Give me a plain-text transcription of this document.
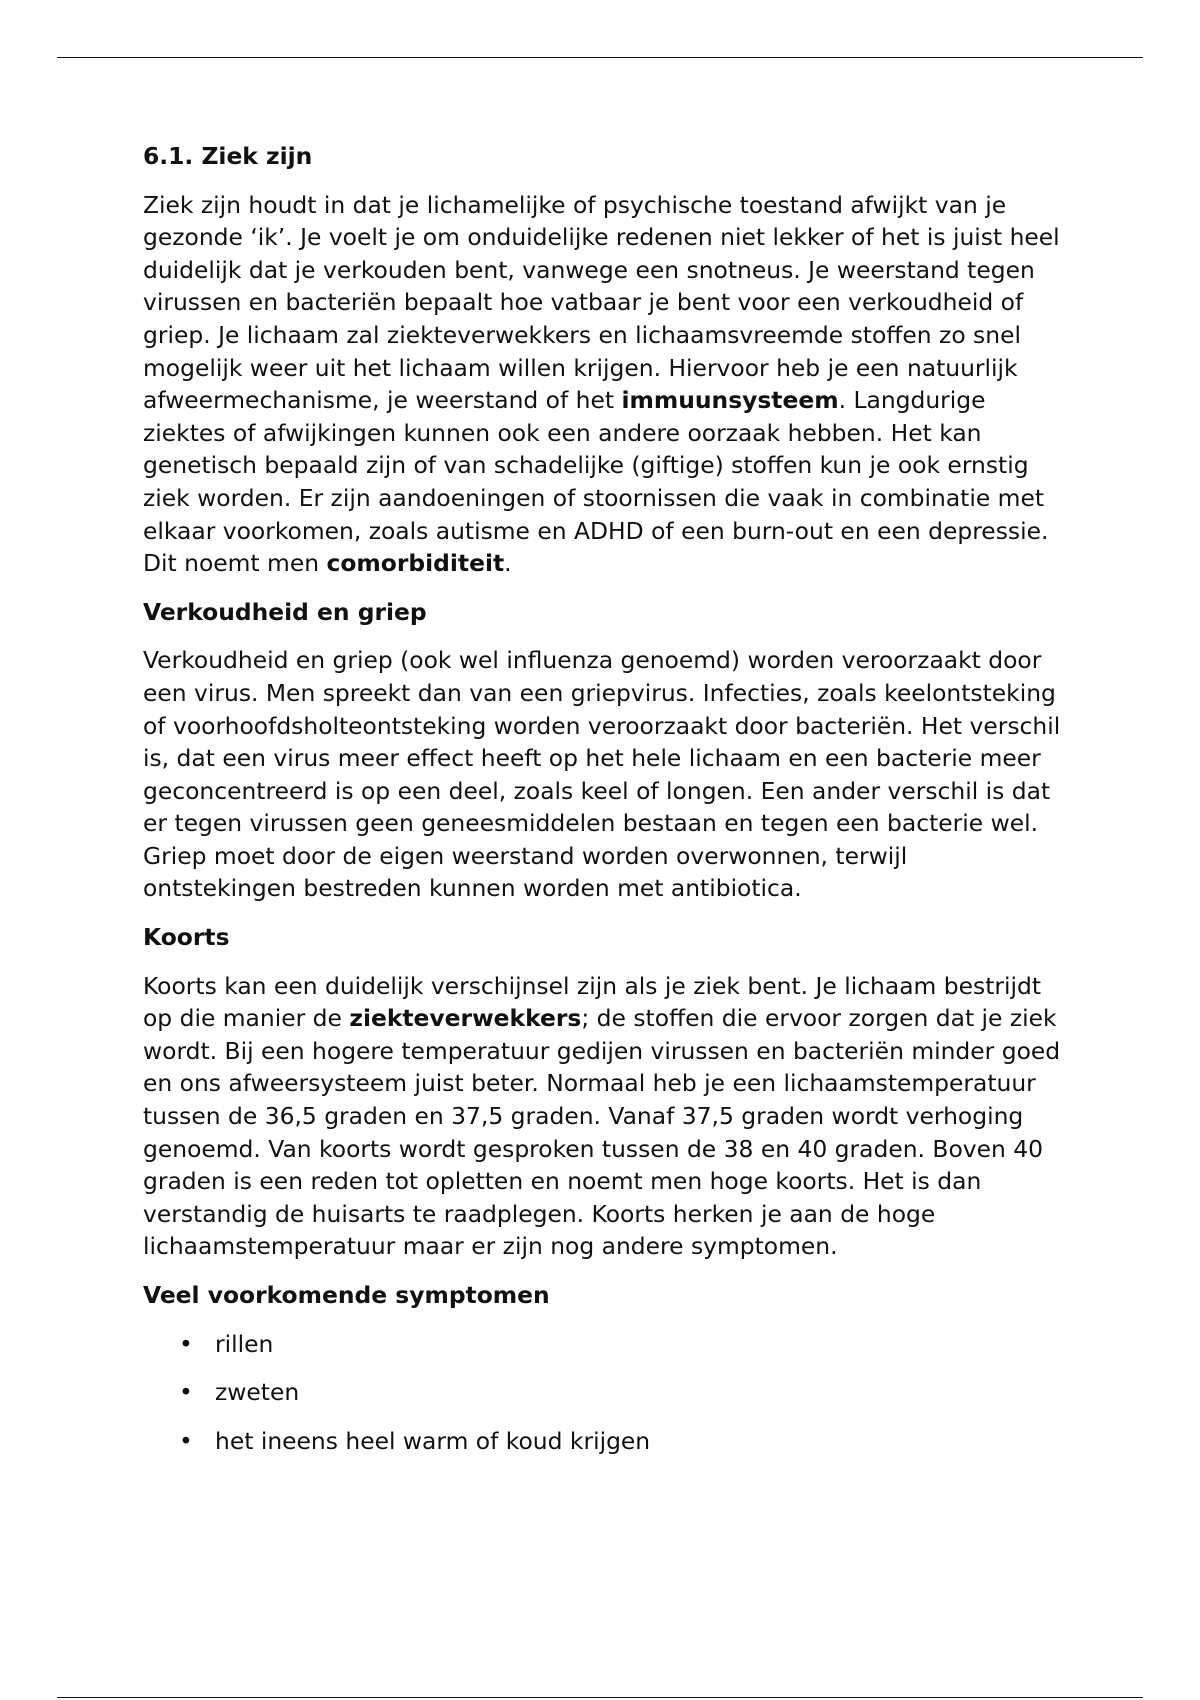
6.1. Ziek zijn

Ziek zijn houdt in dat je lichamelijke of psychische toestand afwijkt van je gezonde ‘ik’. Je voelt je om onduidelijke redenen niet lekker of het is juist heel duidelijk dat je verkouden bent, vanwege een snotneus. Je weerstand tegen virussen en bacteriën bepaalt hoe vatbaar je bent voor een verkoudheid of griep. Je lichaam zal ziekteverwekkers en lichaamsvreemde stoffen zo snel mogelijk weer uit het lichaam willen krijgen. Hiervoor heb je een natuurlijk afweermechanisme, je weerstand of het immuunsysteem. Langdurige ziektes of afwijkingen kunnen ook een andere oorzaak hebben. Het kan genetisch bepaald zijn of van schadelijke (giftige) stoffen kun je ook ernstig ziek worden. Er zijn aandoeningen of stoornissen die vaak in combinatie met elkaar voorkomen, zoals autisme en ADHD of een burn-out en een depressie. Dit noemt men comorbiditeit.

Verkoudheid en griep

Verkoudheid en griep (ook wel influenza genoemd) worden veroorzaakt door een virus. Men spreekt dan van een griepvirus. Infecties, zoals keelontsteking of voorhoofdsholteontsteking worden veroorzaakt door bacteriën. Het verschil is, dat een virus meer effect heeft op het hele lichaam en een bacterie meer geconcentreerd is op een deel, zoals keel of longen. Een ander verschil is dat er tegen virussen geen geneesmiddelen bestaan en tegen een bacterie wel. Griep moet door de eigen weerstand worden overwonnen, terwijl ontstekingen bestreden kunnen worden met antibiotica.

Koorts

Koorts kan een duidelijk verschijnsel zijn als je ziek bent. Je lichaam bestrijdt op die manier de ziekteverwekkers; de stoffen die ervoor zorgen dat je ziek wordt. Bij een hogere temperatuur gedijen virussen en bacteriën minder goed en ons afweersysteem juist beter. Normaal heb je een lichaamstemperatuur tussen de 36,5 graden en 37,5 graden. Vanaf 37,5 graden wordt verhoging genoemd. Van koorts wordt gesproken tussen de 38 en 40 graden. Boven 40 graden is een reden tot opletten en noemt men hoge koorts. Het is dan verstandig de huisarts te raadplegen. Koorts herken je aan de hoge lichaamstemperatuur maar er zijn nog andere symptomen.

Veel voorkomende symptomen
• rillen
• zweten
• het ineens heel warm of koud krijgen
